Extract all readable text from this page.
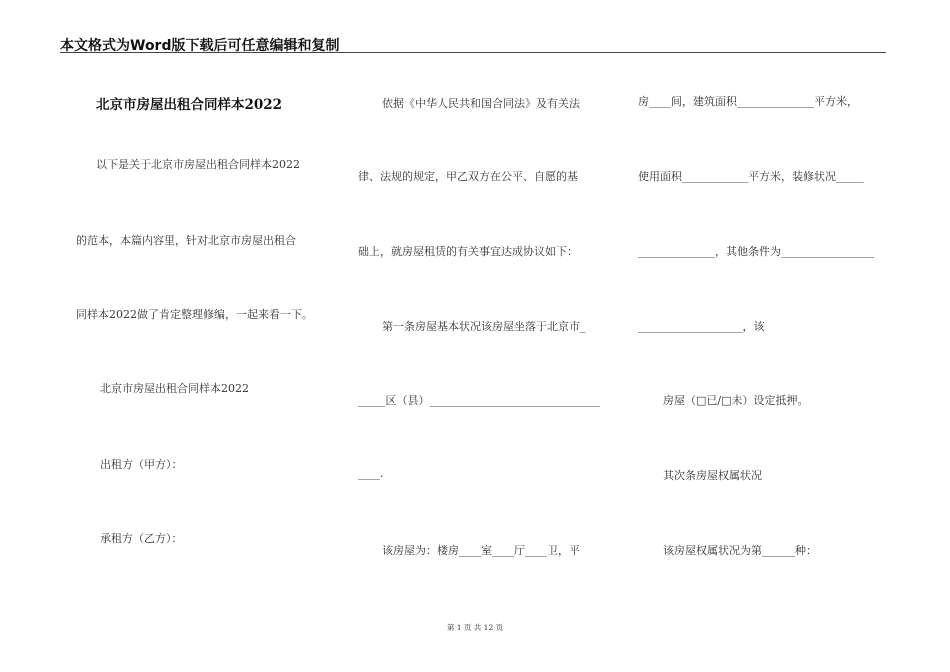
本文格式为Word版下载后可任意编辑和复制
北京市房屋出租合同样本2022
以下是关于北京市房屋出租合同样本2022
的范本，本篇内容里，针对北京市房屋出租合
同样本2022做了肯定整理修编，一起来看一下。
北京市房屋出租合同样本2022
出租方（甲方）：
承租方（乙方）：
依据《中华人民共和国合同法》及有关法
律、法规的规定，甲乙双方在公平、自愿的基
础上，就房屋租赁的有关事宜达成协议如下：
第一条房屋基本状况该房屋坐落于北京市_
_____区（县）_______________________________
____.
该房屋为：楼房____室____厅____卫，平
房____间，建筑面积______________平方米，
使用面积____________平方米，装修状况_____
______________，其他条件为_________________
___________________，该
房屋（□已/□未）设定抵押。
其次条房屋权属状况
该房屋权属状况为第______种：
第 1 页 共 12 页
